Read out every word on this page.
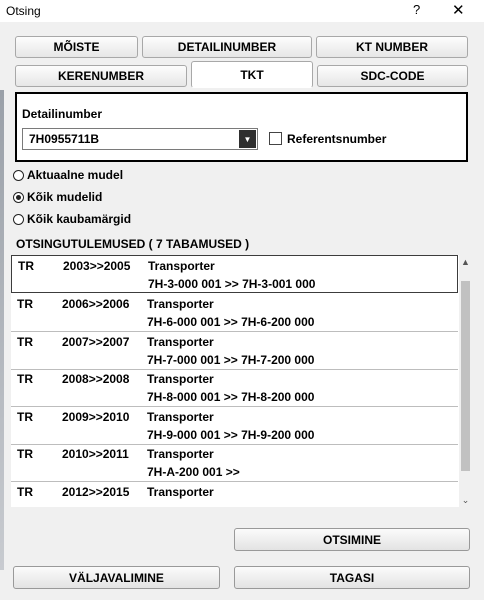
Otsing	? ✕
MÕISTE	DETAILINUMBER	KT NUMBER
KERENUMBER	TKT	SDC-CODE
Detailinumber
7H0955711B	▼	Referentsnumber
Aktuaalne mudel
Kõik mudelid
Kõik kaubamärgid
OTSINGUTULEMUSED ( 7 TABAMUSED )
TR 2003>>2005 Transporter
7H-3-000 001 >> 7H-3-001 000
TR 2006>>2006 Transporter
7H-6-000 001 >> 7H-6-200 000
TR 2007>>2007 Transporter
7H-7-000 001 >> 7H-7-200 000
TR 2008>>2008 Transporter
7H-8-000 001 >> 7H-8-200 000
TR 2009>>2010 Transporter
7H-9-000 001 >> 7H-9-200 000
TR 2010>>2011 Transporter
7H-A-200 001 >>
TR 2012>>2015 Transporter
▲
⌄
OTSIMINE
VÄLJAVALIMINE	TAGASI
